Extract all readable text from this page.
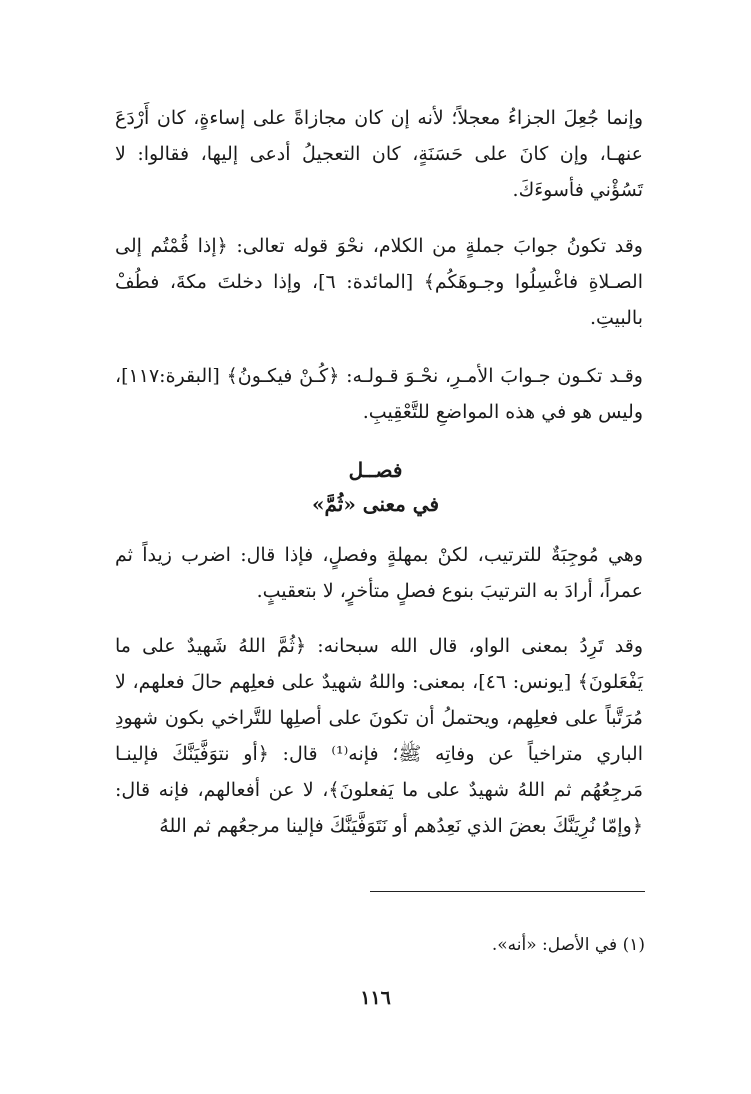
وإنما جُعِلَ الجزاءُ معجلاً؛ لأنه إن كان مجازاةً على إساءةٍ، كان أَرْدَعَ عنهـا، وإن كانَ على حَسَنَةٍ، كان التعجيلُ أدعى إليها، فقالوا: لا تَسُؤْني فأسوءَكَ.

وقد تكونُ جوابَ جملةٍ من الكلام، نحْوَ قوله تعالى: ﴿إذا قُمْتُم إلى الصـلاةِ فاغْسِلُوا وجـوهَكُم﴾ [المائدة: ٦]، وإذا دخلتَ مكةَ، فطُفْ بالبيتِ.

وقـد تكـون جـوابَ الأمـرِ، نحْـوَ قـولـه: ﴿كُـنْ فيكـونُ﴾ [البقرة:١١٧]، وليس هو في هذه المواضعِ للتَّعْقِيبِ.

فصــل
في معنى «ثُمَّ»

وهي مُوجِبَةٌ للترتيب، لكنْ بمهلةٍ وفصلٍ، فإذا قال: اضرب زيداً ثم عمراً، أرادَ به الترتيبَ بنوع فصلٍ متأخرٍ، لا بتعقيبٍ.

وقد تَرِدُ بمعنى الواو، قال الله سبحانه: ﴿ثُمَّ اللهُ شَهيدٌ على ما يَفْعَلونَ﴾ [يونس: ٤٦]، بمعنى: واللهُ شهيدٌ على فعلِهم حالَ فعلهم، لا مُرَتَّباً على فعلِهم، ويحتملُ أن تكونَ على أصلِها للتَّراخي بكون شهودِ الباري متراخياً عن وفاتِه ﷺ؛ فإنه⁽¹⁾ قال: ﴿أو نتوَفَّيَنَّكَ فإلينـا مَرجِعُهُم ثم اللهُ شهيدٌ على ما يَفعلونَ﴾، لا عن أفعالهم، فإنه قال: ﴿وإمّا نُرِيَنَّكَ بعضَ الذي نَعِدُهم أو نَتَوَفَّيَنَّكَ فإلينا مرجعُهم ثم اللهُ

(١) في الأصل: «أنه».

١١٦
